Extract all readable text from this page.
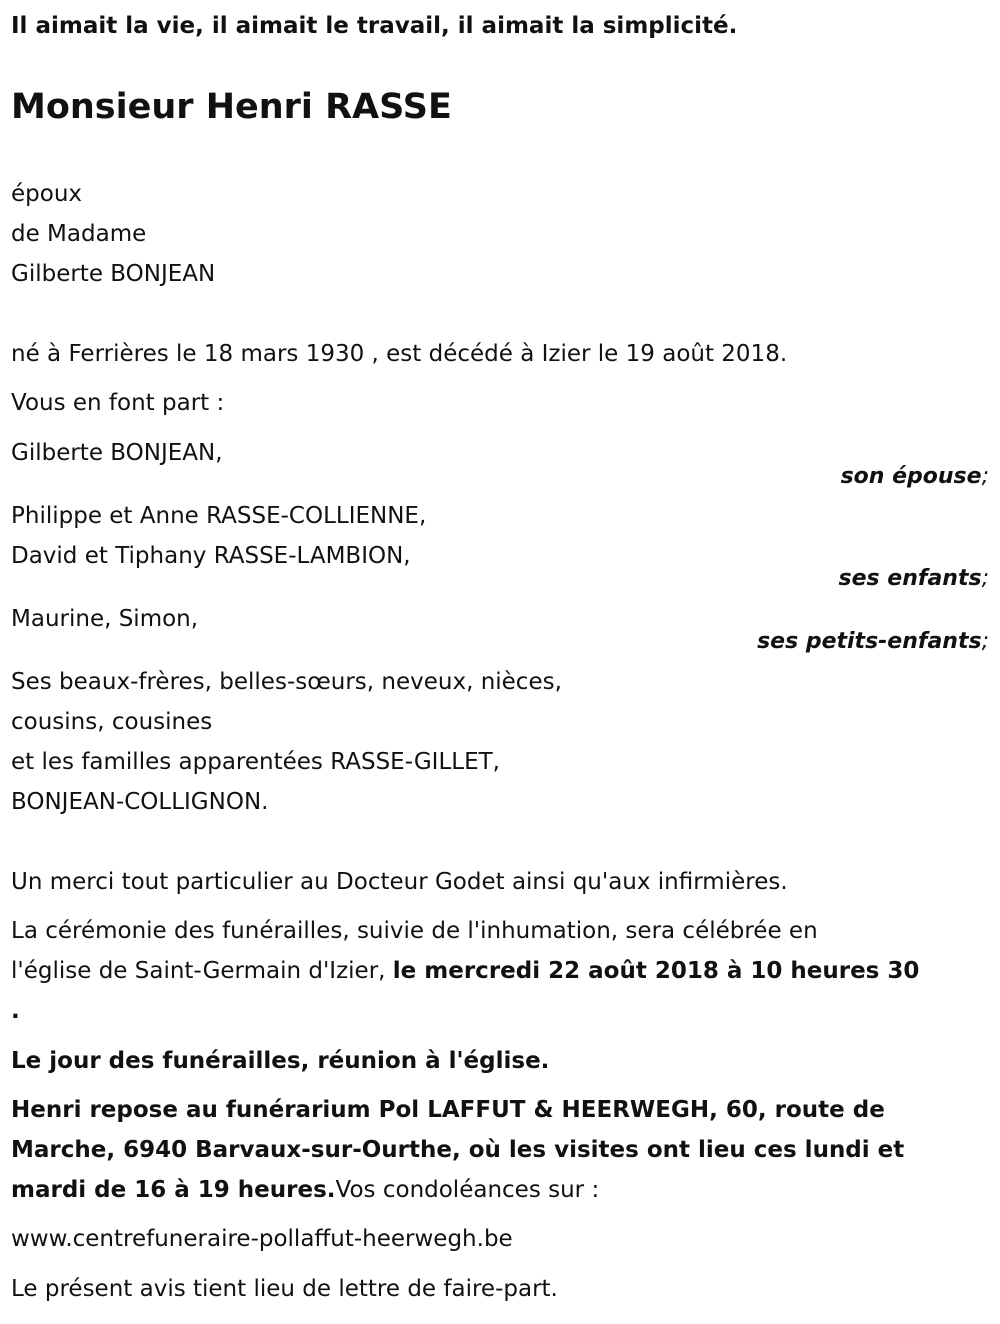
Il aimait la vie, il aimait le travail, il aimait la simplicité.
Monsieur Henri RASSE
époux
de Madame
Gilberte BONJEAN
né à Ferrières le 18 mars 1930 , est décédé à Izier le 19 août 2018.
Vous en font part :
Gilberte BONJEAN,
son épouse;
Philippe et Anne RASSE-COLLIENNE,
David et Tiphany RASSE-LAMBION,
ses enfants;
Maurine, Simon,
ses petits-enfants;
Ses beaux-frères, belles-sœurs, neveux, nièces,
cousins, cousines
et les familles apparentées RASSE-GILLET,
BONJEAN-COLLIGNON.
Un merci tout particulier au Docteur Godet ainsi qu'aux infirmières.
La cérémonie des funérailles, suivie de l'inhumation, sera célébrée en
l'église de Saint-Germain d'Izier, le mercredi 22 août 2018 à 10 heures 30
.
Le jour des funérailles, réunion à l'église.
Henri repose au funérarium Pol LAFFUT & HEERWEGH, 60, route de
Marche, 6940 Barvaux-sur-Ourthe, où les visites ont lieu ces lundi et
mardi de 16 à 19 heures.Vos condoléances sur :
www.centrefuneraire-pollaffut-heerwegh.be
Le présent avis tient lieu de lettre de faire-part.
